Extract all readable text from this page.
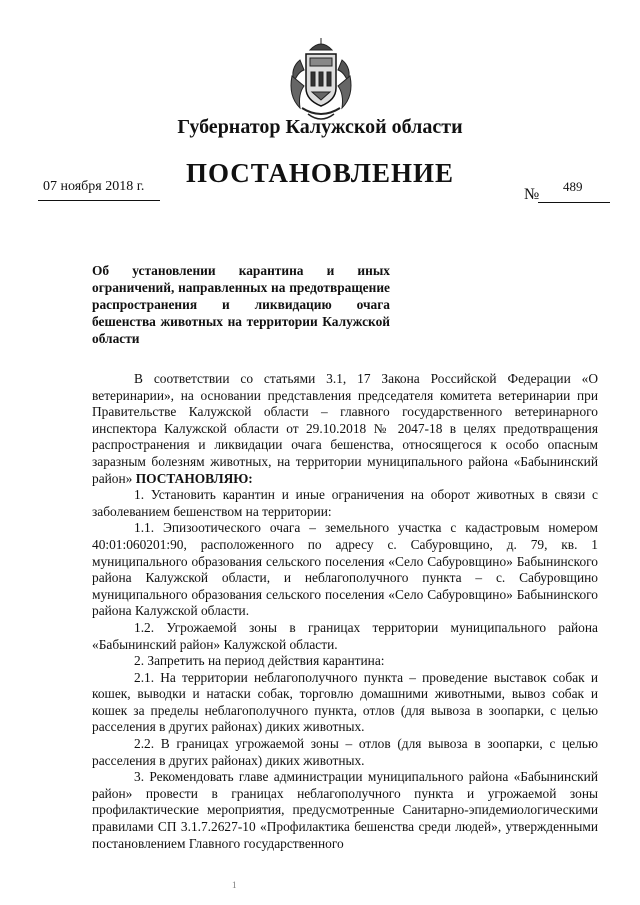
Губернатор Калужской области
ПОСТАНОВЛЕНИЕ
07 ноября 2018 г.	№ 489
Об установлении карантина и иных ограничений, направленных на предотвращение распространения и ликвидацию очага бешенства животных на территории Калужской области

В соответствии со статьями 3.1, 17 Закона Российской Федерации «О ветеринарии», на основании представления председателя комитета ветеринарии при Правительстве Калужской области – главного государственного ветеринарного инспектора Калужской области от 29.10.2018 № 2047-18 в целях предотвращения распространения и ликвидации очага бешенства, относящегося к особо опасным заразным болезням животных, на территории муниципального района «Бабынинский район» ПОСТАНОВЛЯЮ:

1. Установить карантин и иные ограничения на оборот животных в связи с заболеванием бешенством на территории:

1.1. Эпизоотического очага – земельного участка с кадастровым номером 40:01:060201:90, расположенного по адресу с. Сабуровщино, д. 79, кв. 1 муниципального образования сельского поселения «Село Сабуровщино» Бабынинского района Калужской области, и неблагополучного пункта – с. Сабуровщино муниципального образования сельского поселения «Село Сабуровщино» Бабынинского района Калужской области.

1.2. Угрожаемой зоны в границах территории муниципального района «Бабынинский район» Калужской области.

2. Запретить на период действия карантина:

2.1. На территории неблагополучного пункта – проведение выставок собак и кошек, выводки и натаски собак, торговлю домашними животными, вывоз собак и кошек за пределы неблагополучного пункта, отлов (для вывоза в зоопарки, с целью расселения в других районах) диких животных.

2.2. В границах угрожаемой зоны – отлов (для вывоза в зоопарки, с целью расселения в других районах) диких животных.

3. Рекомендовать главе администрации муниципального района «Бабынинский район» провести в границах неблагополучного пункта и угрожаемой зоны профилактические мероприятия, предусмотренные Санитарно-эпидемиологическими правилами СП 3.1.7.2627-10 «Профилактика бешенства среди людей», утвержденными постановлением Главного государственного

1
